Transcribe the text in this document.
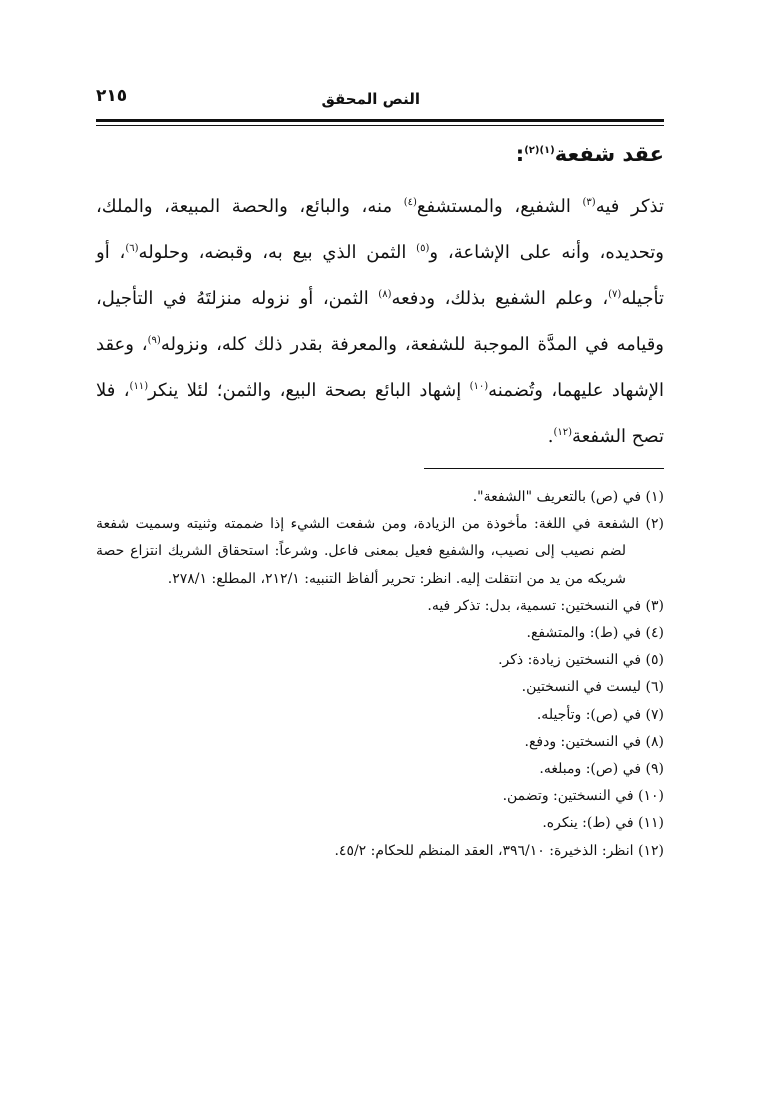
النص المحقق
٢١٥
عقد شفعة$^{(١)(٢)}$:

تذكر فيه$^{(٣)}$ الشفيع، والمستشفع$^{(٤)}$ منه، والبائع، والحصة المبيعة، والملك، وتحديده، وأنه على الإشاعة، و$^{(٥)}$ الثمن الذي بيع به، وقبضه، وحلوله$^{(٦)}$، أو تأجيله$^{(٧)}$، وعلم الشفيع بذلك، ودفعه$^{(٨)}$ الثمن، أو نزوله منزلتَهُ في التأجيل، وقيامه في المدَّة الموجبة للشفعة، والمعرفة بقدر ذلك كله، ونزوله$^{(٩)}$، وعقد الإشهاد عليهما، وتُضمنه$^{(١٠)}$ إشهاد البائع بصحة البيع، والثمن؛ لئلا ينكر$^{(١١)}$، فلا تصح الشفعة$^{(١٢)}$.

(١) في (ص) بالتعريف "الشفعة".

(٢) الشفعة في اللغة: مأخوذة من الزيادة، ومن شفعت الشيء إذا ضممته وثنيته وسميت شفعة لضم نصيب إلى نصيب، والشفيع فعيل بمعنى فاعل. وشرعاً: استحقاق الشريك انتزاع حصة شريكه من يد من انتقلت إليه. انظر: تحرير ألفاظ التنبيه: ٢١٢/١، المطلع: ٢٧٨/١.

(٣) في النسختين: تسمية، بدل: تذكر فيه.

(٤) في (ط): والمتشفع.

(٥) في النسختين زيادة: ذكر.

(٦) ليست في النسختين.

(٧) في (ص): وتأجيله.

(٨) في النسختين: ودفع.

(٩) في (ص): ومبلغه.

(١٠) في النسختين: وتضمن.

(١١) في (ط): ينكره.

(١٢) انظر: الذخيرة: ٣٩٦/١٠، العقد المنظم للحكام: ٤٥/٢.
